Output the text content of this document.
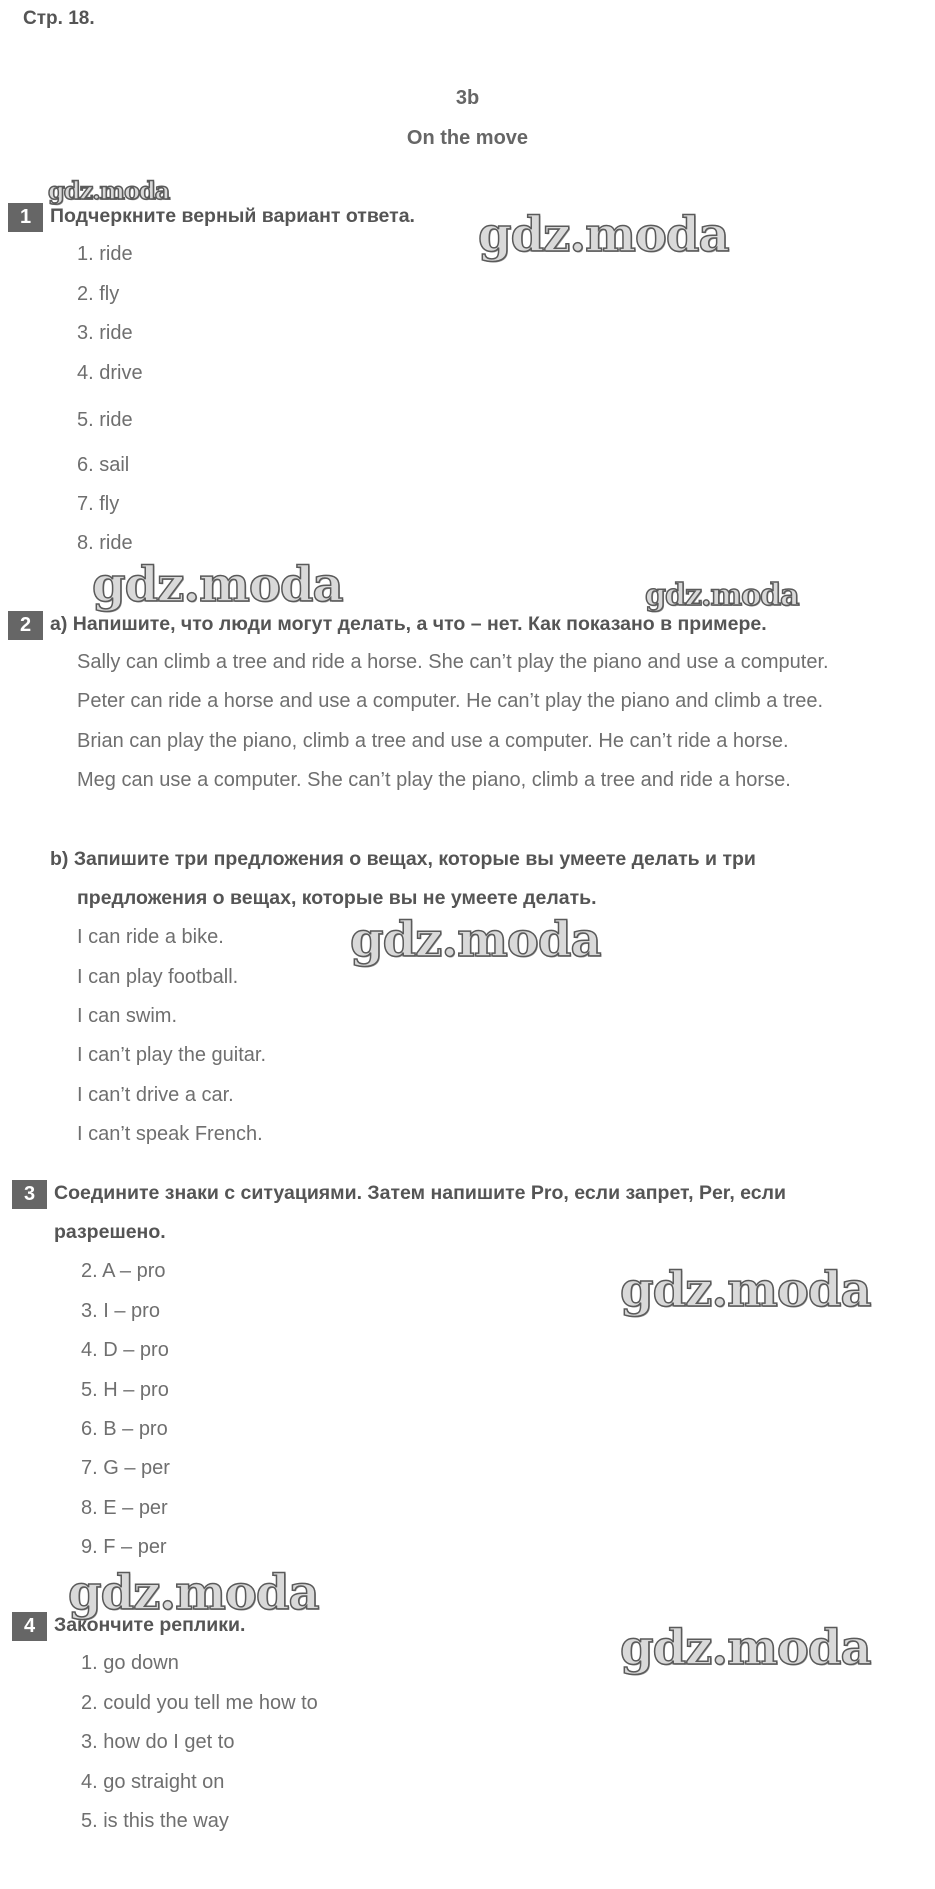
Стр. 18.
3b
On the move
gdz.moda
gdz.moda
gdz.moda	gdz.moda
gdz.moda
gdz.moda
gdz.moda
gdz.moda
1 Подчеркните верный вариант ответа.
1. ride
2. fly
3. ride
4. drive
5. ride
6. sail
7. fly
8. ride
2 a) Напишите, что люди могут делать, а что – нет. Как показано в примере.
Sally can climb a tree and ride a horse. She can’t play the piano and use a computer.
Peter can ride a horse and use a computer. He can’t play the piano and climb a tree.
Brian can play the piano, climb a tree and use a computer. He can’t ride a horse.
Meg can use a computer. She can’t play the piano, climb a tree and ride a horse.
b) Запишите три предложения о вещах, которые вы умеете делать и три
предложения о вещах, которые вы не умеете делать.
I can ride a bike.
I can play football.
I can swim.
I can’t play the guitar.
I can’t drive a car.
I can’t speak French.
3 Соедините знаки с ситуациями. Затем напишите Pro, если запрет, Per, если
разрешено.
2. A – pro
3. I – pro
4. D – pro
5. H – pro
6. B – pro
7. G – per
8. E – per
9. F – per
4 Закончите реплики.
1. go down
2. could you tell me how to
3. how do I get to
4. go straight on
5. is this the way
